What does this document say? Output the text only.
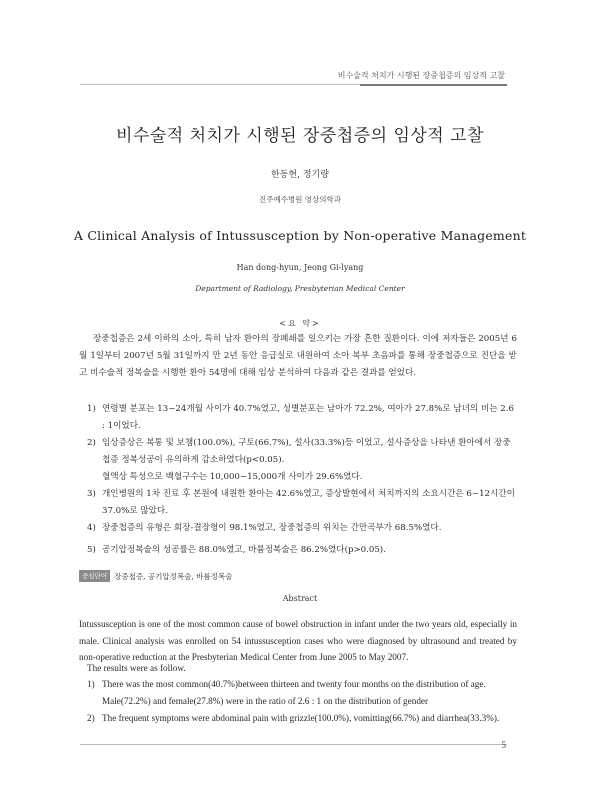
비수술적 처치가 시행된 장중첩증의 임상적 고찰
비수술적 처치가 시행된 장중첩증의 임상적 고찰
한동현, 정기량
진주예수병원 영상의학과
A Clinical Analysis of Intussusception by Non-operative Management
Han dong-hyun, Jeong Gi-lyang
Department of Radiology, Presbyterian Medical Center
<요 약>
장중첩증은 2세 이하의 소아, 특히 남자 환아의 장폐쇄를 일으키는 가장 흔한 질환이다. 이에 저자들은 2005년 6월 1일부터 2007년 5월 31일까지 만 2년 동안 응급실로 내원하여 소아 복부 초음파를 통해 장중첩증으로 진단을 받고 비수술적 정복술을 시행한 환아 54명에 대해 임상 분석하여 다음과 같은 결과를 얻었다.
1) 연령별 분포는 13~24개월 사이가 40.7%였고, 성별분포는 남아가 72.2%, 여아가 27.8%로 남녀의 비는 2.6 : 1이었다.
2) 임상증상은 복통 및 보챔(100.0%), 구토(66.7%), 설사(33.3%)등 이었고, 설사증상을 나타낸 환아에서 장중첩증 정복성공이 유의하게 감소하였다(p<0.05).
혈액상 특성으로 백혈구수는 10,000~15,000개 사이가 29.6%였다.
3) 개인병원의 1차 진료 후 본원에 내원한 환아는 42.6%였고, 증상발현에서 처치까지의 소요시간은 6~12시간이 37.0%로 많았다.
4) 장중첩증의 유형은 회장-결장형이 98.1%였고, 장중첩증의 위치는 간만곡부가 68.5%였다.
5) 공기압정복술의 성공률은 88.0%였고, 바륨정복술은 86.2%였다(p>0.05).
중심단어 장중첩증, 공기압정복술, 바륨정복술
Abstract
Intussusception is one of the most common cause of bowel obstruction in infant under the two years old, especially in male. Clinical analysis was enrolled on 54 intussusception cases who were diagnosed by ultrasound and treated by non-operative reduction at the Presbyterian Medical Center from June 2005 to May 2007.
The results were as follow.
1) There was the most common(40.7%)between thirteen and twenty four months on the distribution of age. Male(72.2%) and female(27.8%) were in the ratio of 2.6 : 1 on the distribution of gender
2) The frequent symptoms were abdominal pain with grizzle(100.0%), vomitting(66.7%) and diarrhea(33.3%).
5
